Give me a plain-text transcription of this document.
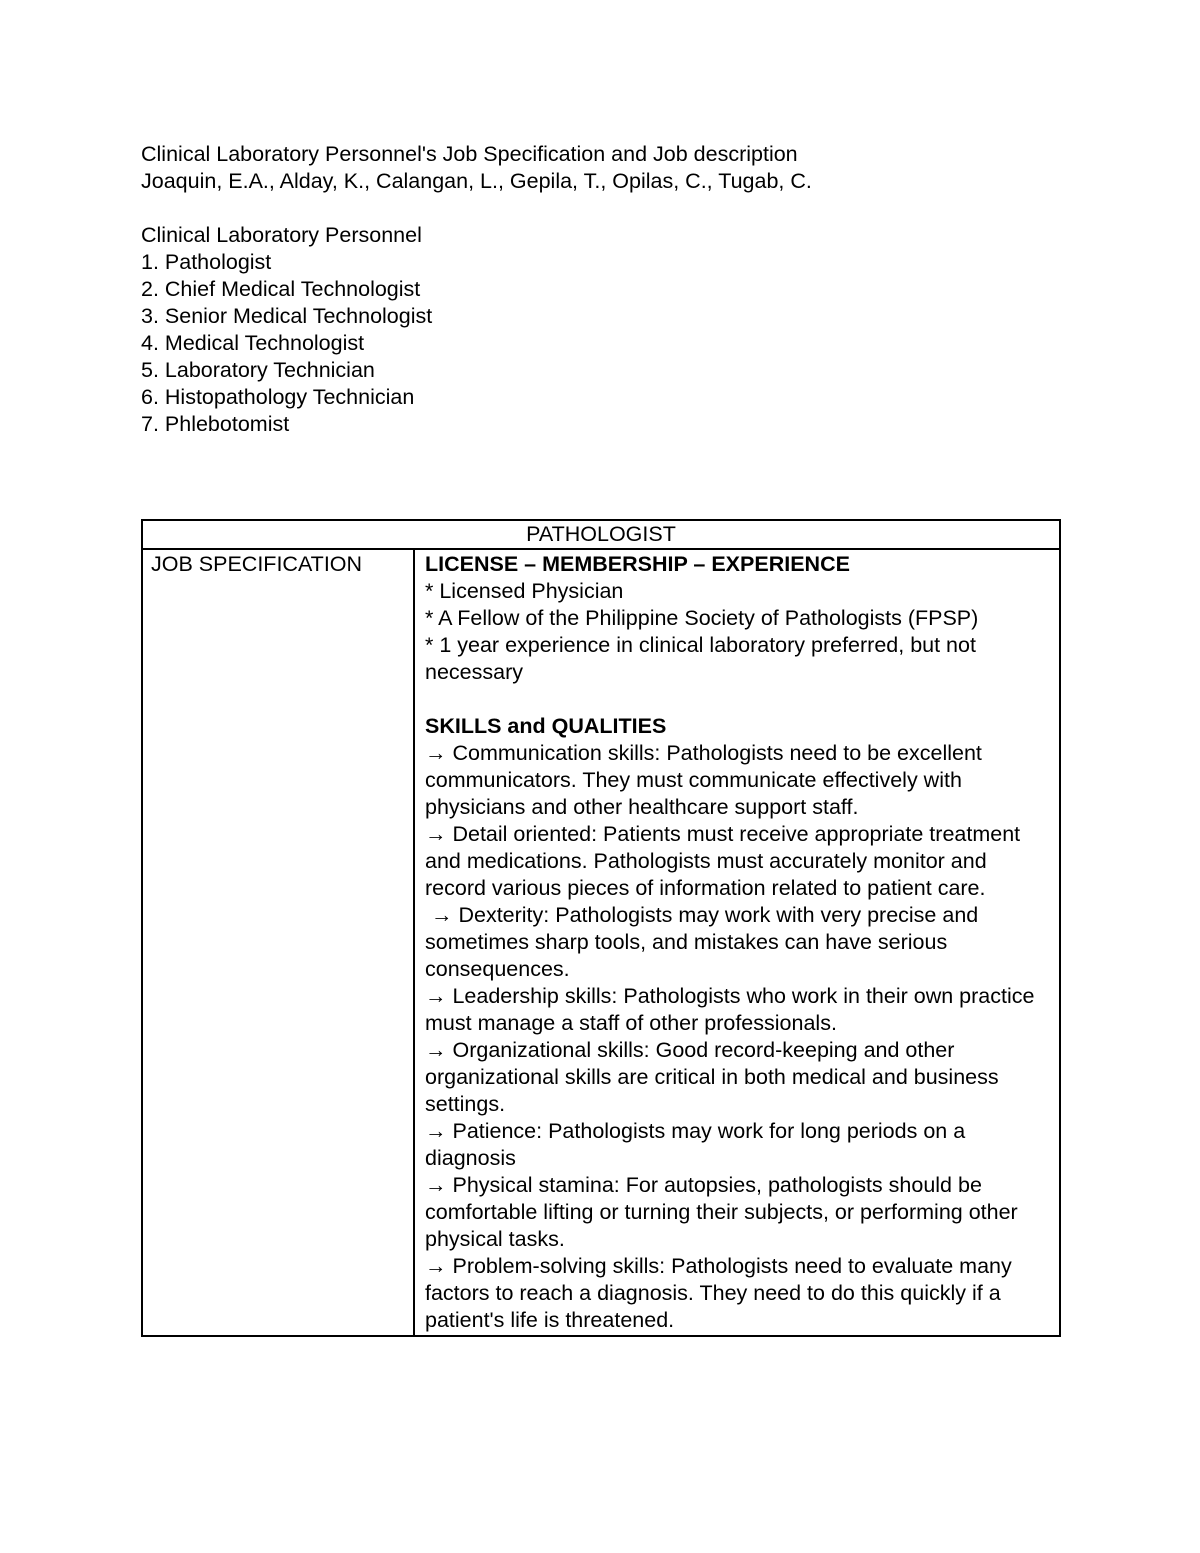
Clinical Laboratory Personnel's Job Specification and Job description
Joaquin, E.A., Alday, K., Calangan, L., Gepila, T., Opilas, C., Tugab, C.
Clinical Laboratory Personnel
1. Pathologist
2. Chief Medical Technologist
3. Senior Medical Technologist
4. Medical Technologist
5. Laboratory Technician
6. Histopathology Technician
7. Phlebotomist
PATHOLOGIST
JOB SPECIFICATION	LICENSE – MEMBERSHIP – EXPERIENCE
* Licensed Physician
* A Fellow of the Philippine Society of Pathologists (FPSP)
* 1 year experience in clinical laboratory preferred, but not necessary
SKILLS and QUALITIES
→ Communication skills: Pathologists need to be excellent communicators. They must communicate effectively with physicians and other healthcare support staff.
→ Detail oriented: Patients must receive appropriate treatment and medications. Pathologists must accurately monitor and record various pieces of information related to patient care.
→ Dexterity: Pathologists may work with very precise and sometimes sharp tools, and mistakes can have serious consequences.
→ Leadership skills: Pathologists who work in their own practice must manage a staff of other professionals.
→ Organizational skills: Good record-keeping and other organizational skills are critical in both medical and business settings.
→ Patience: Pathologists may work for long periods on a diagnosis
→ Physical stamina: For autopsies, pathologists should be comfortable lifting or turning their subjects, or performing other physical tasks.
→ Problem-solving skills: Pathologists need to evaluate many factors to reach a diagnosis. They need to do this quickly if a patient's life is threatened.
